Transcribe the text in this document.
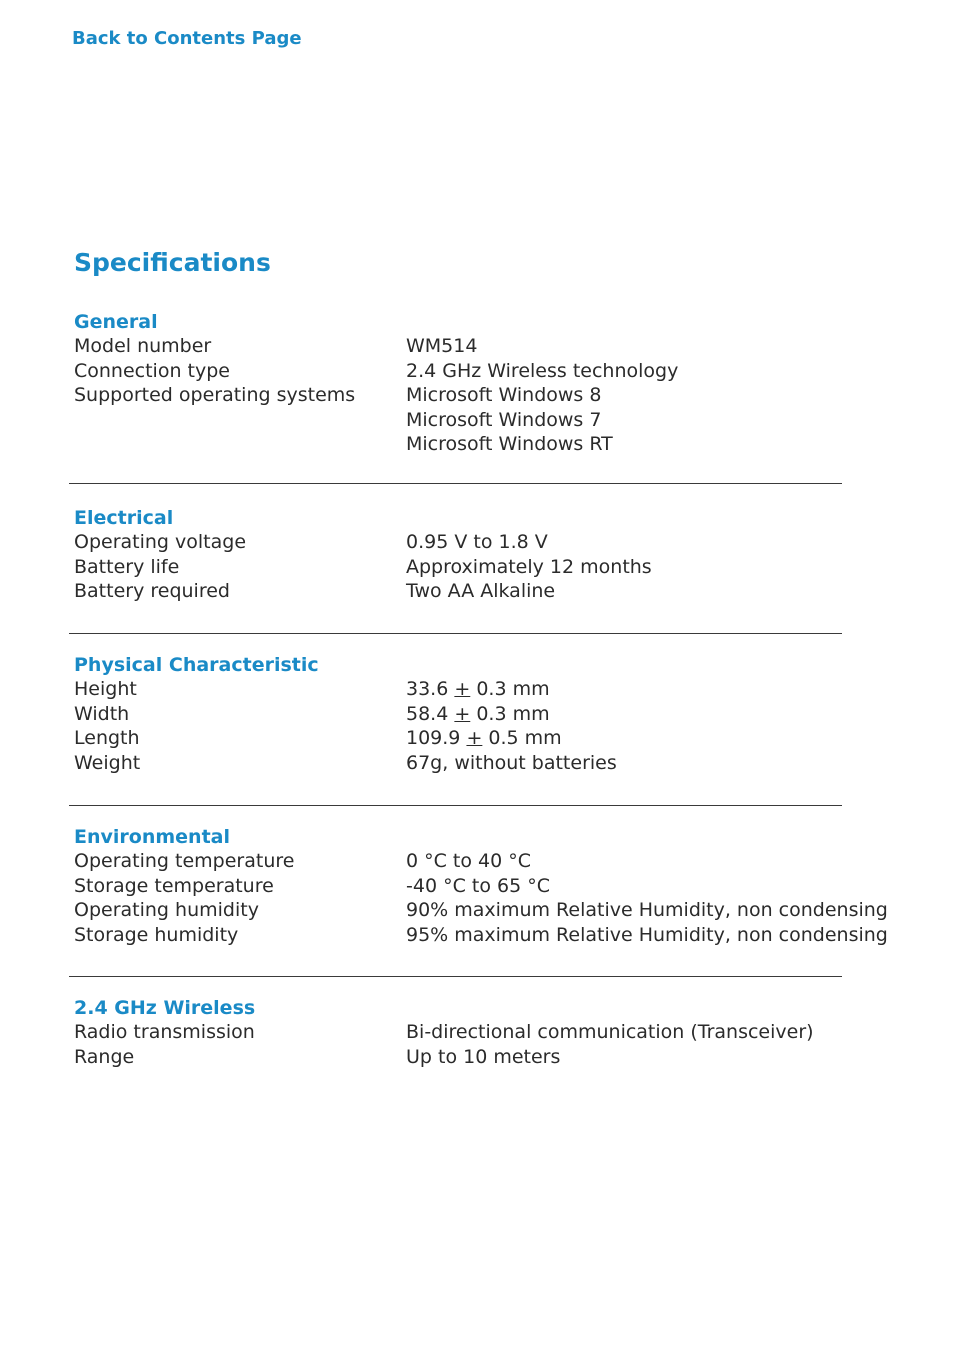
Back to Contents Page
Specifications
General
Model number	WM514
Connection type	2.4 GHz Wireless technology
Supported operating systems	Microsoft Windows 8
Microsoft Windows 7
Microsoft Windows RT
Electrical
Operating voltage	0.95 V to 1.8 V
Battery life	Approximately 12 months
Battery required	Two AA Alkaline
Physical Characteristic
Height	33.6 + 0.3 mm
Width	58.4 + 0.3 mm
Length	109.9 + 0.5 mm
Weight	67g, without batteries
Environmental
Operating temperature	0 °C to 40 °C
Storage temperature	-40 °C to 65 °C
Operating humidity	90% maximum Relative Humidity, non condensing
Storage humidity	95% maximum Relative Humidity, non condensing
2.4 GHz Wireless
Radio transmission	Bi-directional communication (Transceiver)
Range	Up to 10 meters
